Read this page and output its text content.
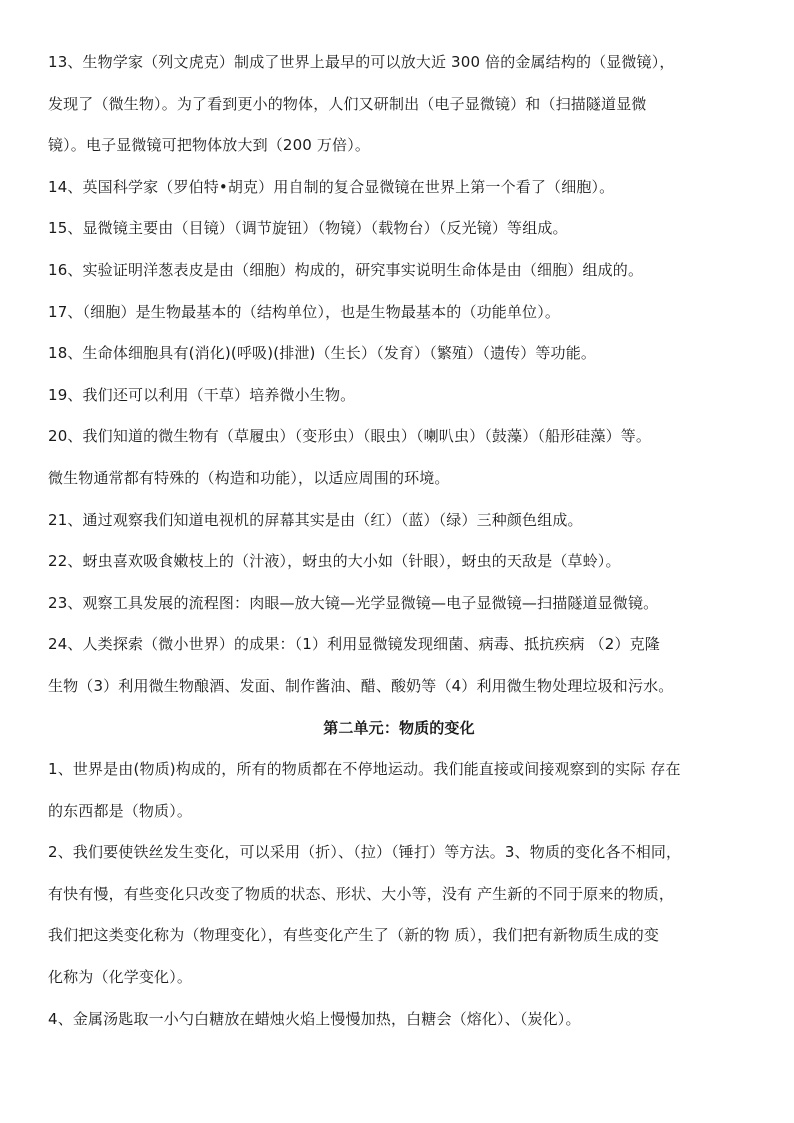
13、生物学家（列文虎克）制成了世界上最早的可以放大近 300 倍的金属结构的（显微镜），
发现了（微生物）。为了看到更小的物体，人们又研制出（电子显微镜）和（扫描隧道显微
镜）。电子显微镜可把物体放大到（200 万倍）。
14、英国科学家（罗伯特•胡克）用自制的复合显微镜在世界上第一个看了（细胞）。
15、显微镜主要由（目镜）（调节旋钮）（物镜）（载物台）（反光镜）等组成。
16、实验证明洋葱表皮是由（细胞）构成的，研究事实说明生命体是由（细胞）组成的。
17、（细胞）是生物最基本的（结构单位），也是生物最基本的（功能单位）。
18、生命体细胞具有(消化)(呼吸)(排泄)（生长）（发育）（繁殖）（遗传）等功能。
19、我们还可以利用（干草）培养微小生物。
20、我们知道的微生物有（草履虫）（变形虫）（眼虫）（喇叭虫）（鼓藻）（船形硅藻）等。
微生物通常都有特殊的（构造和功能），以适应周围的环境。
21、通过观察我们知道电视机的屏幕其实是由（红）（蓝）（绿）三种颜色组成。
22、蚜虫喜欢吸食嫩枝上的（汁液），蚜虫的大小如（针眼），蚜虫的天敌是（草蛉）。
23、观察工具发展的流程图：肉眼—放大镜—光学显微镜—电子显微镜—扫描隧道显微镜。
24、人类探索（微小世界）的成果：（1）利用显微镜发现细菌、病毒、抵抗疾病 （2）克隆
生物（3）利用微生物酿酒、发面、制作酱油、醋、酸奶等（4）利用微生物处理垃圾和污水。
第二单元：物质的变化
1、世界是由(物质)构成的，所有的物质都在不停地运动。我们能直接或间接观察到的实际 存在
的东西都是（物质）。
2、我们要使铁丝发生变化，可以采用（折）、（拉）（锤打）等方法。3、物质的变化各不相同，
有快有慢，有些变化只改变了物质的状态、形状、大小等，没有 产生新的不同于原来的物质，
我们把这类变化称为（物理变化），有些变化产生了（新的物 质），我们把有新物质生成的变
化称为（化学变化）。
4、金属汤匙取一小勺白糖放在蜡烛火焰上慢慢加热，白糖会（熔化）、（炭化）。
